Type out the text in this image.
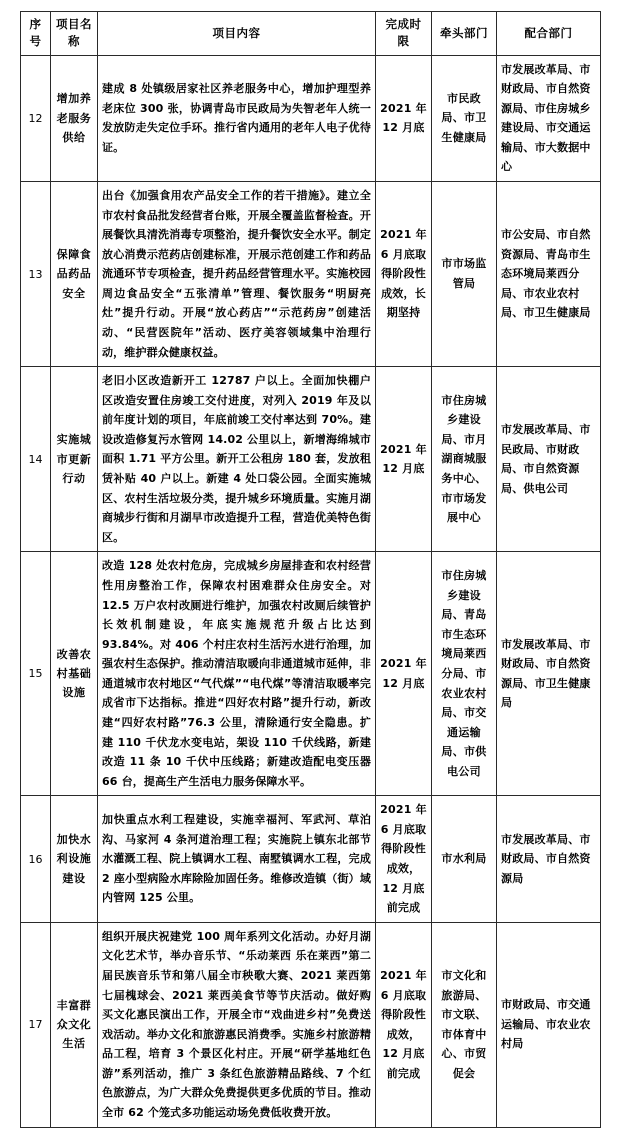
序号	项目名称	项目内容	完成时限	牵头部门	配合部门
12	增加养老服务供给	建成 8 处镇级居家社区养老服务中心，增加护理型养老床位 300 张，协调青岛市民政局为失智老年人统一发放防走失定位手环。推行省内通用的老年人电子优待证。	2021 年 12 月底	市民政局、市卫生健康局	市发展改革局、市财政局、市自然资源局、市住房城乡建设局、市交通运输局、市大数据中心
13	保障食品药品安全	出台《加强食用农产品安全工作的若干措施》。建立全市农村食品批发经营者台账，开展全覆盖监督检查。开展餐饮具清洗消毒专项整治，提升餐饮安全水平。制定放心消费示范药店创建标准，开展示范创建工作和药品流通环节专项检查，提升药品经营管理水平。实施校园周边食品安全“五张清单”管理、餐饮服务“明厨亮灶”提升行动。开展“放心药店”“示范药房”创建活动、“民营医院年”活动、医疗美容领域集中治理行动，维护群众健康权益。	2021 年 6 月底取得阶段性成效，长期坚持	市市场监管局	市公安局、市自然资源局、青岛市生态环境局莱西分局、市农业农村局、市卫生健康局
14	实施城市更新行动	老旧小区改造新开工 12787 户以上。全面加快棚户区改造安置住房竣工交付进度，对列入 2019 年及以前年度计划的项目，年底前竣工交付率达到 70%。建设改造修复污水管网 14.02 公里以上，新增海绵城市面积 1.71 平方公里。新开工公租房 180 套，发放租赁补贴 40 户以上。新建 4 处口袋公园。全面实施城区、农村生活垃圾分类，提升城乡环境质量。实施月湖商城步行街和月湖早市改造提升工程，营造优美特色街区。	2021 年 12 月底	市住房城乡建设局、市月湖商城服务中心、市市场发展中心	市发展改革局、市民政局、市财政局、市自然资源局、供电公司
15	改善农村基础设施	改造 128 处农村危房，完成城乡房屋排查和农村经营性用房整治工作，保障农村困难群众住房安全。对 12.5 万户农村改厕进行维护，加强农村改厕后续管护长效机制建设，年底实施规范升级占比达到 93.84%。对 406 个村庄农村生活污水进行治理，加强农村生态保护。推动清洁取暖向非通道城市延伸，非通道城市农村地区“气代煤”“电代煤”等清洁取暖率完成省市下达指标。推进“四好农村路”提升行动，新改建“四好农村路”76.3 公里，清除通行安全隐患。扩建 110 千伏龙水变电站，架设 110 千伏线路，新建改造 11 条 10 千伏中压线路；新建改造配电变压器 66 台，提高生产生活电力服务保障水平。	2021 年 12 月底	市住房城乡建设局、青岛市生态环境局莱西分局、市农业农村局、市交通运输局、市供电公司	市发展改革局、市财政局、市自然资源局、市卫生健康局
16	加快水利设施建设	加快重点水利工程建设，实施幸福河、军武河、草泊沟、马家河 4 条河道治理工程；实施院上镇东北部节水灌溉工程、院上镇调水工程、南墅镇调水工程，完成 2 座小型病险水库除险加固任务。维修改造镇（街）域内管网 125 公里。	2021 年 6 月底取得阶段性成效，12 月底前完成	市水利局	市发展改革局、市财政局、市自然资源局
17	丰富群众文化生活	组织开展庆祝建党 100 周年系列文化活动。办好月湖文化艺术节，举办音乐节、“乐动莱西 乐在莱西”第二届民族音乐节和第八届全市秧歌大赛、2021 莱西第七届槐球会、2021 莱西美食节等节庆活动。做好购买文化惠民演出工作，开展全市“戏曲进乡村”免费送戏活动。举办文化和旅游惠民消费季。实施乡村旅游精品工程，培育 3 个景区化村庄。开展“研学基地红色游”系列活动，推广 3 条红色旅游精品路线、7 个红色旅游点，为广大群众免费提供更多优质的节目。推动全市 62 个笼式多功能运动场免费低收费开放。	2021 年 6 月底取得阶段性成效，12 月底前完成	市文化和旅游局、市文联、市体育中心、市贸促会	市财政局、市交通运输局、市农业农村局
